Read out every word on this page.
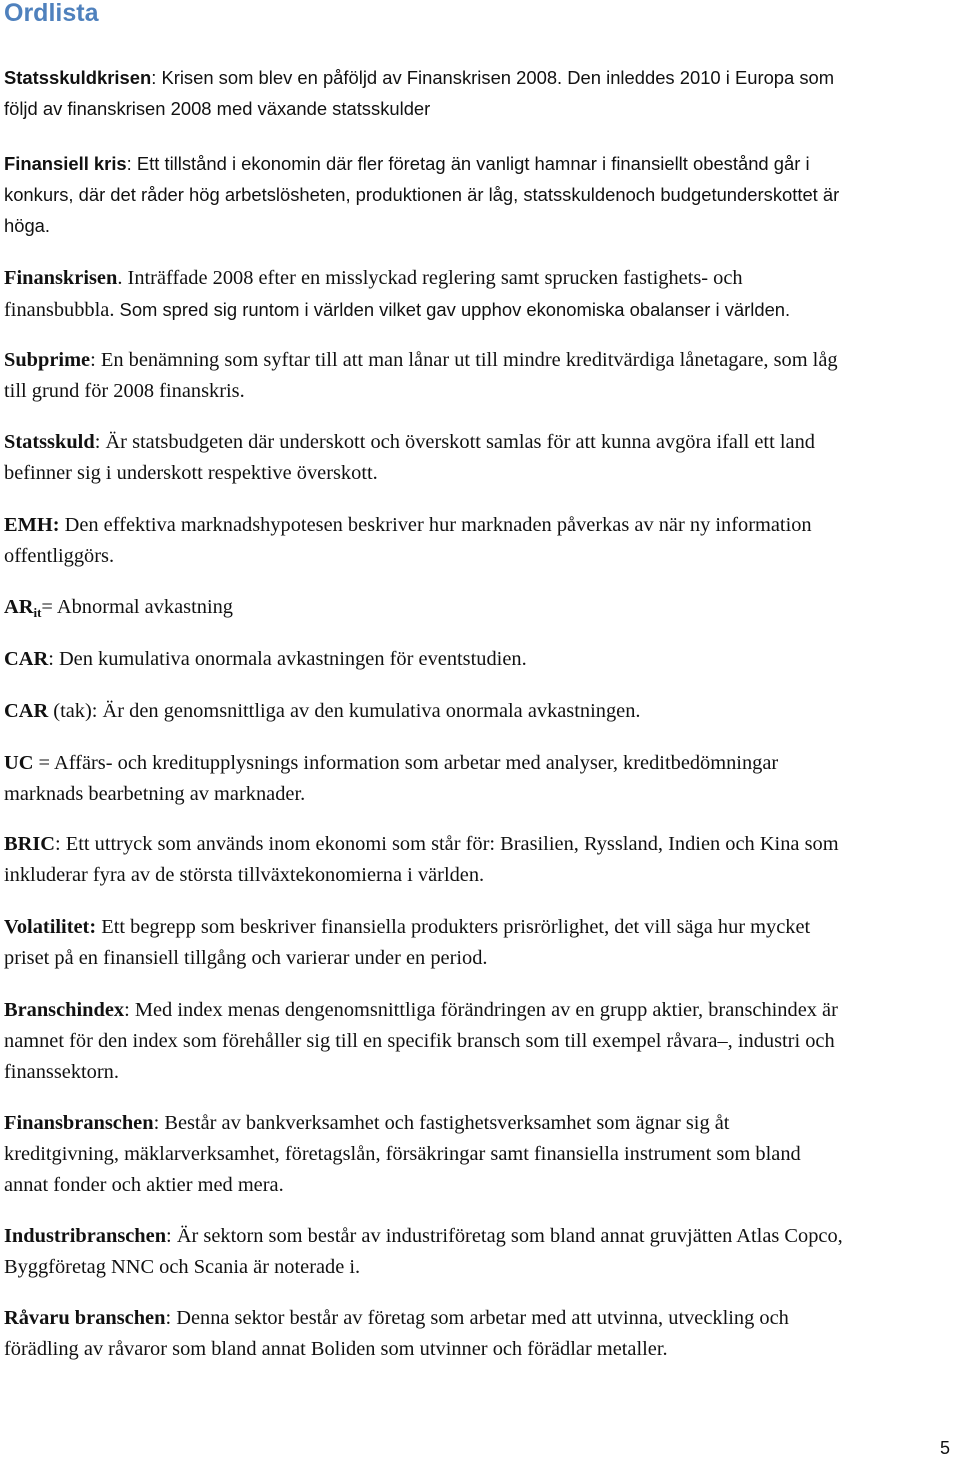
Ordlista

Statsskuldkrisen: Krisen som blev en påföljd av Finanskrisen 2008. Den inleddes 2010 i Europa som
följd av finanskrisen 2008 med växande statsskulder

Finansiell kris: Ett tillstånd i ekonomin där fler företag än vanligt hamnar i finansiellt obestånd går i
konkurs, där det råder hög arbetslösheten, produktionen är låg, statsskuldenoch budgetunderskottet är
höga.

Finanskrisen. Inträffade 2008 efter en misslyckad reglering samt sprucken fastighets- och
finansbubbla. Som spred sig runtom i världen vilket gav upphov ekonomiska obalanser i världen.

Subprime: En benämning som syftar till att man lånar ut till mindre kreditvärdiga lånetagare, som låg
till grund för 2008 finanskris.

Statsskuld: Är statsbudgeten där underskott och överskott samlas för att kunna avgöra ifall ett land
befinner sig i underskott respektive överskott.

EMH: Den effektiva marknadshypotesen beskriver hur marknaden påverkas av när ny information
offentliggörs.

$AR_{it}=$ Abnormal avkastning

CAR: Den kumulativa onormala avkastningen för eventstudien.

CAR (tak): Är den genomsnittliga av den kumulativa onormala avkastningen.

UC = Affärs- och kreditupplysnings information som arbetar med analyser, kreditbedömningar
marknads bearbetning av marknader.

BRIC: Ett uttryck som används inom ekonomi som står för: Brasilien, Ryssland, Indien och Kina som
inkluderar fyra av de största tillväxtekonomierna i världen.

Volatilitet: Ett begrepp som beskriver finansiella produkters prisrörlighet, det vill säga hur mycket
priset på en finansiell tillgång och varierar under en period.

Branschindex: Med index menas dengenomsnittliga förändringen av en grupp aktier, branschindex är
namnet för den index som förehåller sig till en specifik bransch som till exempel råvara–, industri och
finanssektorn.

Finansbranschen: Består av bankverksamhet och fastighetsverksamhet som ägnar sig åt
kreditgivning, mäklarverksamhet, företagslån, försäkringar samt finansiella instrument som bland
annat fonder och aktier med mera.

Industribranschen: Är sektorn som består av industriföretag som bland annat gruvjätten Atlas Copco,
Byggföretag NNC och Scania är noterade i.

Råvaru branschen: Denna sektor består av företag som arbetar med att utvinna, utveckling och
förädling av råvaror som bland annat Boliden som utvinner och förädlar metaller.

5
